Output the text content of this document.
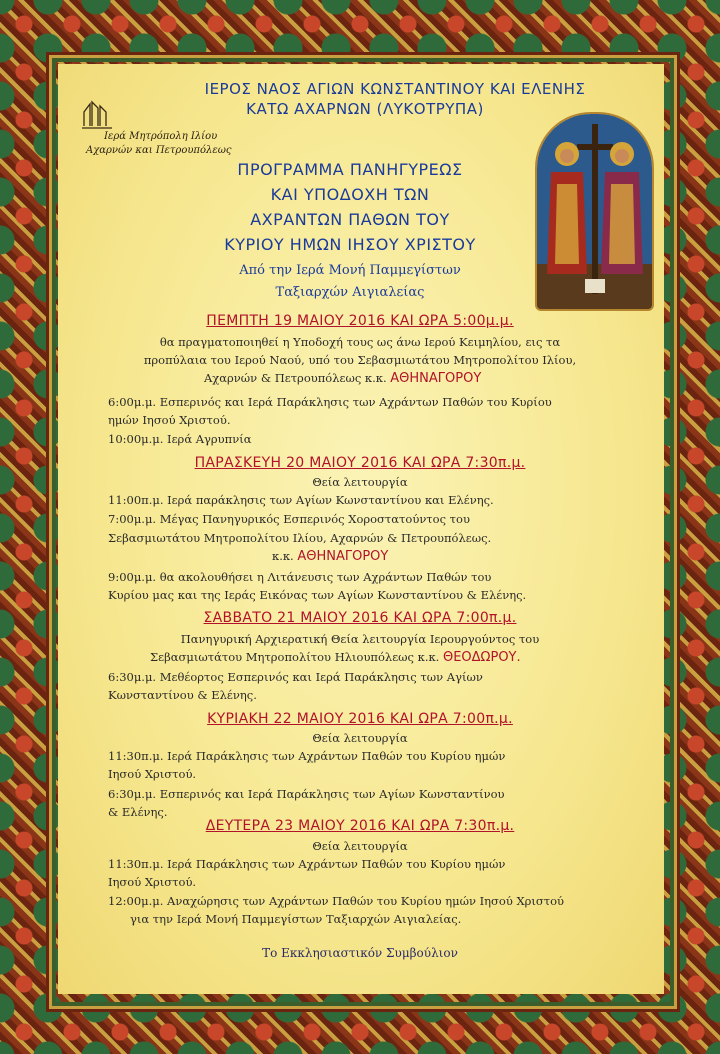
Ιερά Μητρόπολη Ιλίου
Αχαρνών και Πετρουπόλεως
ΙΕΡΟΣ ΝΑΟΣ ΑΓΙΩΝ ΚΩΝΣΤΑΝΤΙΝΟΥ ΚΑΙ ΕΛΕΝΗΣ
ΚΑΤΩ ΑΧΑΡΝΩΝ (ΛΥΚΟΤΡΥΠΑ)
ΠΡΟΓΡΑΜΜΑ ΠΑΝΗΓΥΡΕΩΣ
ΚΑΙ ΥΠΟΔΟΧΗ ΤΩΝ
ΑΧΡΑΝΤΩΝ ΠΑΘΩΝ ΤΟΥ
ΚΥΡΙΟΥ ΗΜΩΝ ΙΗΣΟΥ ΧΡΙΣΤΟΥ
Από την Ιερά Μονή Παμμεγίστων
Ταξιαρχών Αιγιαλείας
ΠΕΜΠΤΗ 19 ΜΑΙΟΥ 2016 ΚΑΙ ΩΡΑ 5:00μ.μ.
θα πραγματοποιηθεί η Υποδοχή τους ως άνω Ιερού Κειμηλίου, εις τα
προπύλαια του Ιερού Ναού, υπό του Σεβασμιωτάτου Μητροπολίτου Ιλίου,
Αχαρνών & Πετρουπόλεως κ.κ. ΑΘΗΝΑΓΟΡΟΥ
6:00μ.μ. Εσπερινός και Ιερά Παράκλησις των Αχράντων Παθών του Κυρίου
ημών Ιησού Χριστού.
10:00μ.μ. Ιερά Αγρυπνία
ΠΑΡΑΣΚΕΥΗ 20 ΜΑΙΟΥ 2016 ΚΑΙ ΩΡΑ 7:30π.μ.
Θεία λειτουργία
11:00π.μ. Ιερά παράκλησις των Αγίων Κωνσταντίνου και Ελένης.
7:00μ.μ. Μέγας Πανηγυρικός Εσπερινός Χοροστατούντος του
Σεβασμιωτάτου Μητροπολίτου Ιλίου, Αχαρνών & Πετρουπόλεως.
κ.κ. ΑΘΗΝΑΓΟΡΟΥ
9:00μ.μ. θα ακολουθήσει η Λιτάνευσις των Αχράντων Παθών του
Κυρίου μας και της Ιεράς Εικόνας των Αγίων Κωνσταντίνου & Ελένης.
ΣΑΒΒΑΤΟ 21 ΜΑΙΟΥ 2016 ΚΑΙ ΩΡΑ 7:00π.μ.
Πανηγυρική Αρχιερατική Θεία λειτουργία Ιερουργούντος του
Σεβασμιωτάτου Μητροπολίτου Ηλιουπόλεως κ.κ. ΘΕΟΔΩΡΟΥ.
6:30μ.μ. Μεθέορτος Εσπερινός και Ιερά Παράκλησις των Αγίων
Κωνσταντίνου & Ελένης.
ΚΥΡΙΑΚΗ 22 ΜΑΙΟΥ 2016 ΚΑΙ ΩΡΑ 7:00π.μ.
Θεία λειτουργία
11:30π.μ. Ιερά Παράκλησις των Αχράντων Παθών του Κυρίου ημών
Ιησού Χριστού.
6:30μ.μ. Εσπερινός και Ιερά Παράκλησις των Αγίων Κωνσταντίνου
& Ελένης.
ΔΕΥΤΕΡΑ 23 ΜΑΙΟΥ 2016 ΚΑΙ ΩΡΑ 7:30π.μ.
Θεία λειτουργία
11:30π.μ. Ιερά Παράκλησις των Αχράντων Παθών του Κυρίου ημών
Ιησού Χριστού.
12:00μ.μ. Αναχώρησις των Αχράντων Παθών του Κυρίου ημών Ιησού Χριστού
για την Ιερά Μονή Παμμεγίστων Ταξιαρχών Αιγιαλείας.
Το Εκκλησιαστικόν Συμβούλιον
